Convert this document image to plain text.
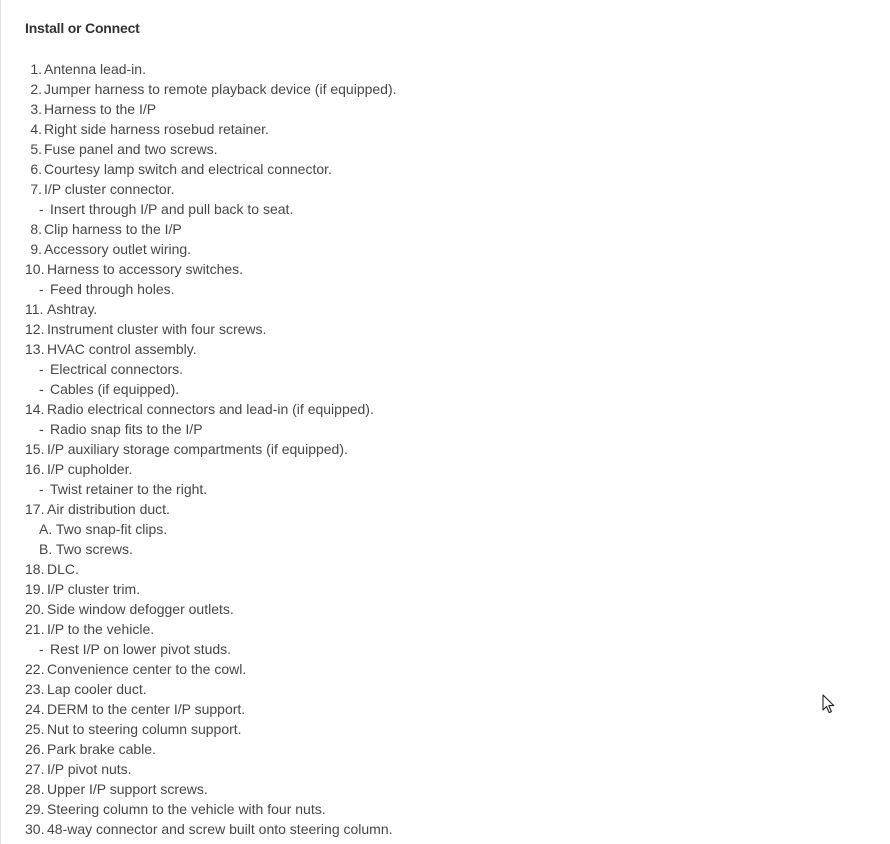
Install or Connect
1. Antenna lead-in.
2. Jumper harness to remote playback device (if equipped).
3. Harness to the I/P
4. Right side harness rosebud retainer.
5. Fuse panel and two screws.
6. Courtesy lamp switch and electrical connector.
7. I/P cluster connector.
- Insert through I/P and pull back to seat.
8. Clip harness to the I/P
9. Accessory outlet wiring.
10. Harness to accessory switches.
- Feed through holes.
11. Ashtray.
12. Instrument cluster with four screws.
13. HVAC control assembly.
- Electrical connectors.
- Cables (if equipped).
14. Radio electrical connectors and lead-in (if equipped).
- Radio snap fits to the I/P
15. I/P auxiliary storage compartments (if equipped).
16. I/P cupholder.
- Twist retainer to the right.
17. Air distribution duct.
A. Two snap-fit clips.
B. Two screws.
18. DLC.
19. I/P cluster trim.
20. Side window defogger outlets.
21. I/P to the vehicle.
- Rest I/P on lower pivot studs.
22. Convenience center to the cowl.
23. Lap cooler duct.
24. DERM to the center I/P support.
25. Nut to steering column support.
26. Park brake cable.
27. I/P pivot nuts.
28. Upper I/P support screws.
29. Steering column to the vehicle with four nuts.
30. 48-way connector and screw built onto steering column.
